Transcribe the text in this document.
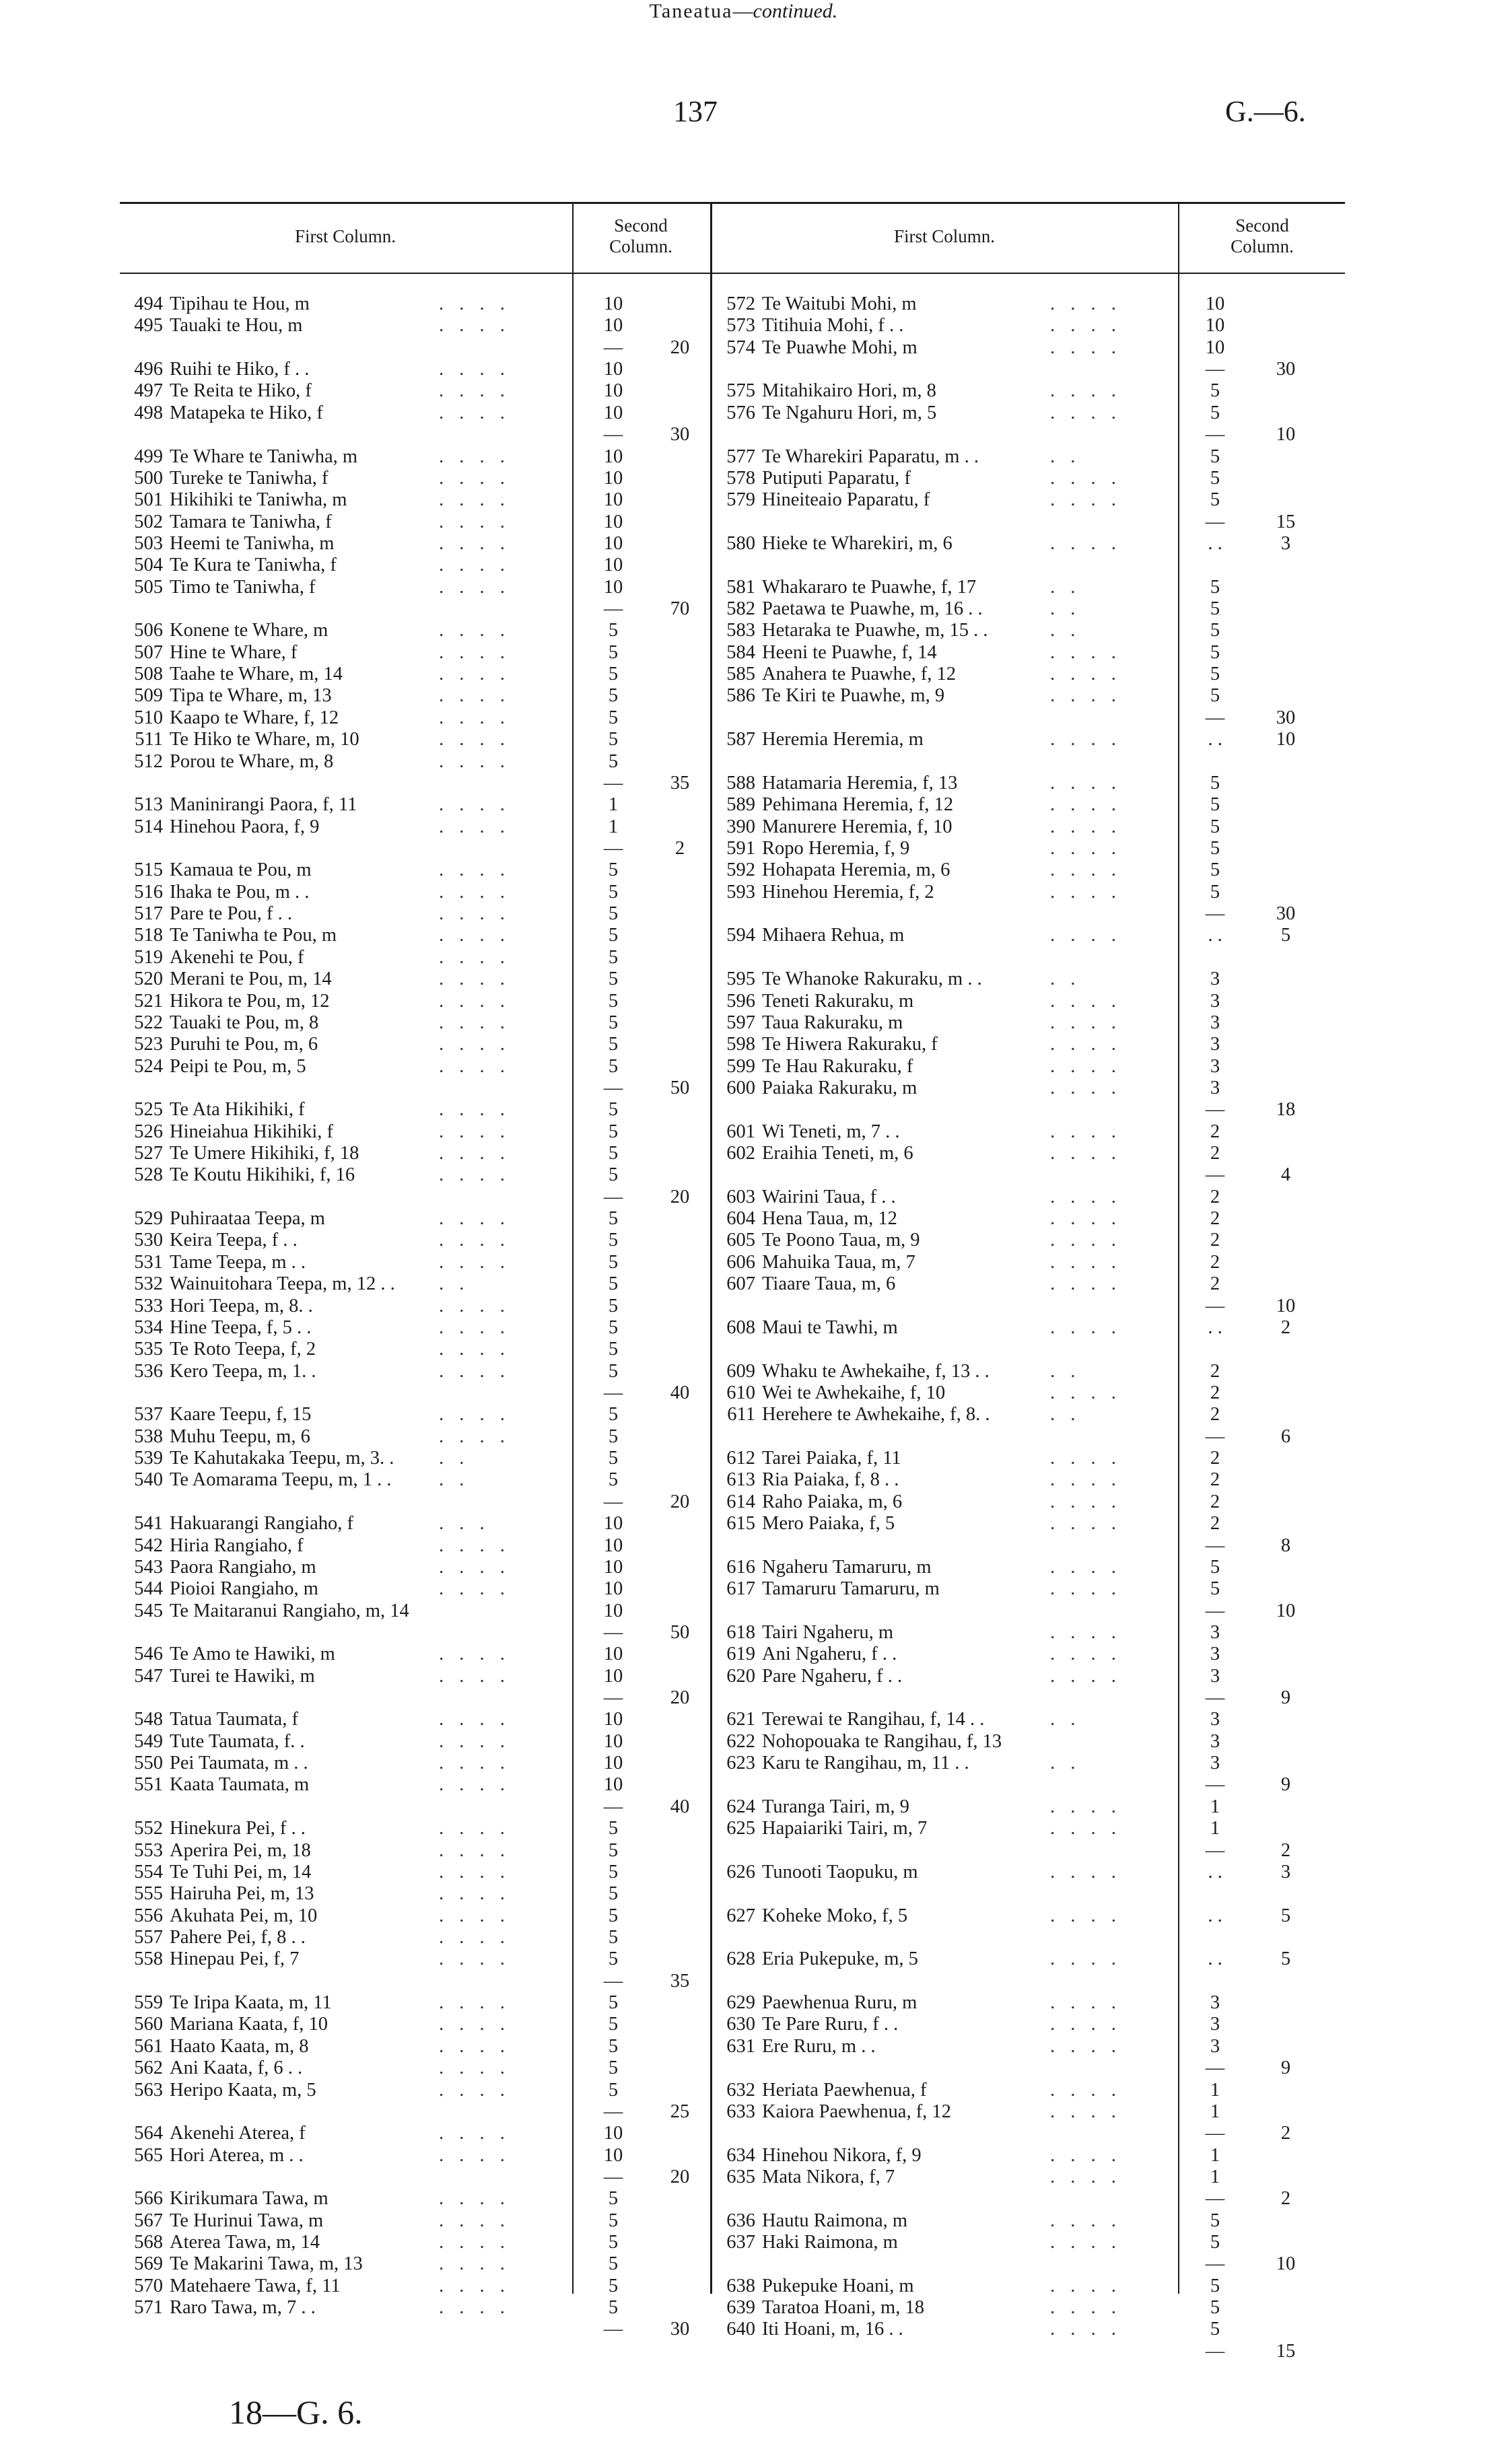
137	G.—6.
Taneatua—continued.
First Column.
Second
Column.	First Column.
Second
Column.
494 Tipihau te Hou, m	. . . .	10
495 Tauaki te Hou, m	. . . .	10
— 20
496 Ruihi te Hiko, f . .	. . . .	10
497 Te Reita te Hiko, f	. . . .	10
498 Matapeka te Hiko, f	. . . .	10
— 30
499 Te Whare te Taniwha, m	. . . .	10
500 Tureke te Taniwha, f	. . . .	10
501 Hikihiki te Taniwha, m	. . . .	10
502 Tamara te Taniwha, f	. . . .	10
503 Heemi te Taniwha, m	. . . .	10
504 Te Kura te Taniwha, f	. . . .	10
505 Timo te Taniwha, f	. . . .	10
— 70
506 Konene te Whare, m	. . . .	5
507 Hine te Whare, f	. . . .	5
508 Taahe te Whare, m, 14	. . . .	5
509 Tipa te Whare, m, 13	. . . .	5
510 Kaapo te Whare, f, 12	. . . .	5
511 Te Hiko te Whare, m, 10	. . . .	5
512 Porou te Whare, m, 8	. . . .	5
— 35
513 Maninirangi Paora, f, 11	. . . .	1
514 Hinehou Paora, f, 9	. . . .	1
—	2
515 Kamaua te Pou, m	. . . .	5
516 Ihaka te Pou, m . .	. . . .	5
517 Pare te Pou, f . .	. . . .	5
518 Te Taniwha te Pou, m	. . . .	5
519 Akenehi te Pou, f	. . . .	5
520 Merani te Pou, m, 14	. . . .	5
521 Hikora te Pou, m, 12	. . . .	5
522 Tauaki te Pou, m, 8	. . . .	5
523 Puruhi te Pou, m, 6	. . . .	5
524 Peipi te Pou, m, 5	. . . .	5
— 50
525 Te Ata Hikihiki, f	. . . .	5
526 Hineiahua Hikihiki, f	. . . .	5
527 Te Umere Hikihiki, f, 18	. . . .	5
528 Te Koutu Hikihiki, f, 16	. . . .	5
— 20
529 Puhiraataa Teepa, m	. . . .	5
530 Keira Teepa, f . .	. . . .	5
531 Tame Teepa, m . .	. . . .	5
532 Wainuitohara Teepa, m, 12 . . . .	5
533 Hori Teepa, m, 8. .	. . . .	5
534 Hine Teepa, f, 5 . .	. . . .	5
535 Te Roto Teepa, f, 2	. . . .	5
536 Kero Teepa, m, 1. .	. . . .	5
— 40
537 Kaare Teepu, f, 15	. . . .	5
538 Muhu Teepu, m, 6	. . . .	5
539 Te Kahutakaka Teepu, m, 3. . . .	5
540 Te Aomarama Teepu, m, 1 . . . .	5
— 20
541 Hakuarangi Rangiaho, f	. . .	10
542 Hiria Rangiaho, f	. . . .	10
543 Paora Rangiaho, m	. . . .	10
544 Pioioi Rangiaho, m	. . . .	10
545 Te Maitaranui Rangiaho, m, 14	10
— 50
546 Te Amo te Hawiki, m	. . . .	10
547 Turei te Hawiki, m	. . . .	10
— 20
548 Tatua Taumata, f	. . . .	10
549 Tute Taumata, f. .	. . . .	10
550 Pei Taumata, m . .	. . . .	10
551 Kaata Taumata, m	. . . .	10
— 40
552 Hinekura Pei, f . .	. . . .	5
553 Aperira Pei, m, 18	. . . .	5
554 Te Tuhi Pei, m, 14	. . . .	5
555 Hairuha Pei, m, 13	. . . .	5
556 Akuhata Pei, m, 10	. . . .	5
557 Pahere Pei, f, 8 . .	. . . .	5
558 Hinepau Pei, f, 7	. . . .	5
— 35
559 Te Iripa Kaata, m, 11	. . . .	5
560 Mariana Kaata, f, 10	. . . .	5
561 Haato Kaata, m, 8	. . . .	5
562 Ani Kaata, f, 6 . .	. . . .	5
563 Heripo Kaata, m, 5	. . . .	5
— 25
564 Akenehi Aterea, f	. . . .	10
565 Hori Aterea, m . .	. . . .	10
— 20
566 Kirikumara Tawa, m	. . . .	5
567 Te Hurinui Tawa, m	. . . .	5
568 Aterea Tawa, m, 14	. . . .	5
569 Te Makarini Tawa, m, 13	. . . .	5
570 Matehaere Tawa, f, 11	. . . .	5
571 Raro Tawa, m, 7 . .	. . . .	5
— 30
572 Te Waitubi Mohi, m	. . . .	10
573 Titihuia Mohi, f . .	. . . .	10
574 Te Puawhe Mohi, m	. . . .	10
—	30
575 Mitahikairo Hori, m, 8	. . . .	5
576 Te Ngahuru Hori, m, 5	. . . .	5
—	10
577 Te Wharekiri Paparatu, m . .	. .	5
578 Putiputi Paparatu, f	. . . .	5
579 Hineiteaio Paparatu, f	. . . .	5
—	15
580 Hieke te Wharekiri, m, 6	. . . .	. .	3
581 Whakararo te Puawhe, f, 17	. .	5
582 Paetawa te Puawhe, m, 16 . .	. .	5
583 Hetaraka te Puawhe, m, 15 . .	. .	5
584 Heeni te Puawhe, f, 14	. . . .	5
585 Anahera te Puawhe, f, 12	. . . .	5
586 Te Kiri te Puawhe, m, 9	. . . .	5
—	30
587 Heremia Heremia, m	. . . .	. .	10
588 Hatamaria Heremia, f, 13	. . . .	5
589 Pehimana Heremia, f, 12	. . . .	5
390 Manurere Heremia, f, 10	. . . .	5
591 Ropo Heremia, f, 9	. . . .	5
592 Hohapata Heremia, m, 6	. . . .	5
593 Hinehou Heremia, f, 2	. . . .	5
—	30
594 Mihaera Rehua, m	. . . .	. .	5
595 Te Whanoke Rakuraku, m . .	. .	3
596 Teneti Rakuraku, m	. . . .	3
597 Taua Rakuraku, m	. . . .	3
598 Te Hiwera Rakuraku, f	. . . .	3
599 Te Hau Rakuraku, f	. . . .	3
600 Paiaka Rakuraku, m	. . . .	3
—	18
601 Wi Teneti, m, 7 . .	. . . .	2
602 Eraihia Teneti, m, 6	. . . .	2
—	4
603 Wairini Taua, f . .	. . . .	2
604 Hena Taua, m, 12	. . . .	2
605 Te Poono Taua, m, 9	. . . .	2
606 Mahuika Taua, m, 7	. . . .	2
607 Tiaare Taua, m, 6	. . . .	2
—	10
608 Maui te Tawhi, m	. . . .	. .	2
609 Whaku te Awhekaihe, f, 13 . .	. .	2
610 Wei te Awhekaihe, f, 10	. . . .	2
611 Herehere te Awhekaihe, f, 8. .	. .	2
—	6
612 Tarei Paiaka, f, 11	. . . .	2
613 Ria Paiaka, f, 8 . .	. . . .	2
614 Raho Paiaka, m, 6	. . . .	2
615 Mero Paiaka, f, 5	. . . .	2
—	8
616 Ngaheru Tamaruru, m	. . . .	5
617 Tamaruru Tamaruru, m	. . . .	5
—	10
618 Tairi Ngaheru, m	. . . .	3
619 Ani Ngaheru, f . .	. . . .	3
620 Pare Ngaheru, f . .	. . . .	3
—	9
621 Terewai te Rangihau, f, 14 . .	. .	3
622 Nohopouaka te Rangihau, f, 13	3
623 Karu te Rangihau, m, 11 . .	. .	3
—	9
624 Turanga Tairi, m, 9	. . . .	1
625 Hapaiariki Tairi, m, 7	. . . .	1
—	2
626 Tunooti Taopuku, m	. . . .	. .	3
627 Koheke Moko, f, 5	. . . .	. .	5
628 Eria Pukepuke, m, 5	. . . .	. .	5
629 Paewhenua Ruru, m	. . . .	3
630 Te Pare Ruru, f . .	. . . .	3
631 Ere Ruru, m . .	. . . .	3
—	9
632 Heriata Paewhenua, f	. . . .	1
633 Kaiora Paewhenua, f, 12	. . . .	1
—	2
634 Hinehou Nikora, f, 9	. . . .	1
635 Mata Nikora, f, 7	. . . .	1
—	2
636 Hautu Raimona, m	. . . .	5
637 Haki Raimona, m	. . . .	5
—	10
638 Pukepuke Hoani, m	. . . .	5
639 Taratoa Hoani, m, 18	. . . .	5
640 Iti Hoani, m, 16 . .	. . . .	5
—	15
18—G. 6.
